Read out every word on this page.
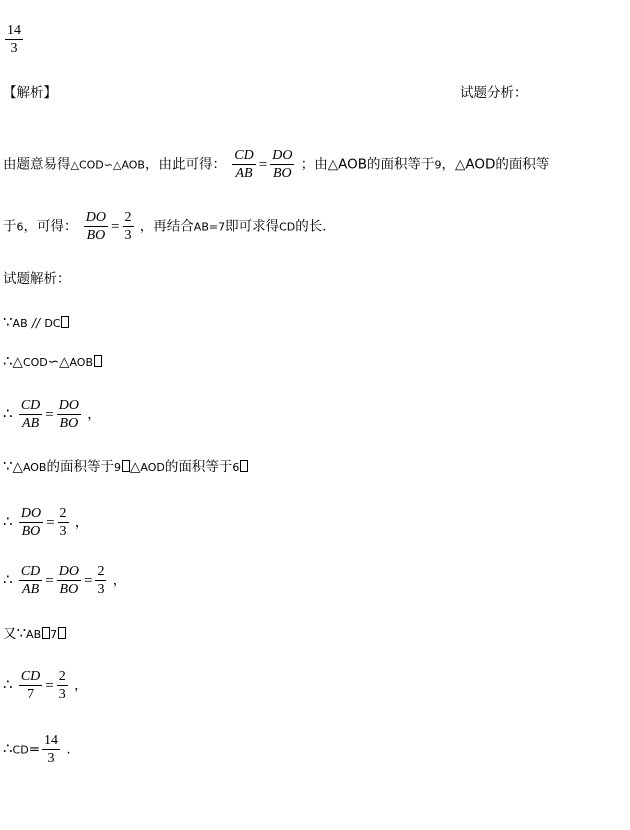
$\frac{14}{3}$
【解析】	试题分析：
由题意易得△COD∽△AOB，由此可得： $\frac{CD}{AB} = \frac{DO}{BO}$ ；由△AOB的面积等于9，△AOD的面积等
于6，可得： $\frac{DO}{BO} = \frac{2}{3}$ ，再结合AB=7即可求得CD的长.
试题解析：
∵AB // DC
∴△COD∽△AOB
∴ $\frac{CD}{AB} = \frac{DO}{BO}$ ，
∵△AOB的面积等于9 △AOD的面积等于6
∴ $\frac{DO}{BO} = \frac{2}{3}$ ，
∴ $\frac{CD}{AB} = \frac{DO}{BO} = \frac{2}{3}$ ，
又∵AB 7
∴ $\frac{CD}{7} = \frac{2}{3}$ ，
∴CD= $\frac{14}{3}$ .
